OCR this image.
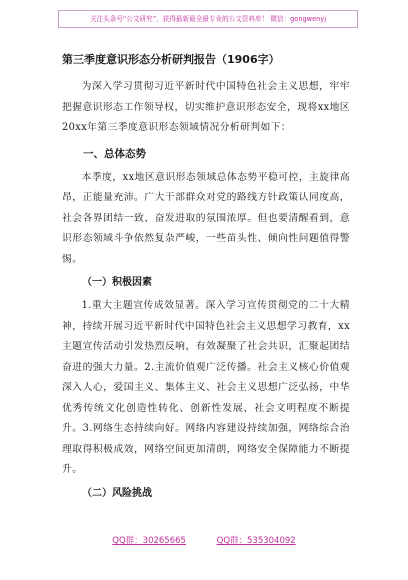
关注头条号“公文研究”，获得最新最全最专业的公文资料库！ 微信：gongwenyj
第三季度意识形态分析研判报告（1906字）

为深入学习贯彻习近平新时代中国特色社会主义思想，牢牢把握意识形态工作领导权，切实维护意识形态安全，现将xx地区20xx年第三季度意识形态领域情况分析研判如下：

一、总体态势

本季度，xx地区意识形态领域总体态势平稳可控，主旋律高昂，正能量充沛。广大干部群众对党的路线方针政策认同度高，社会各界团结一致、奋发进取的氛围浓厚。但也要清醒看到，意识形态领域斗争依然复杂严峻，一些苗头性、倾向性问题值得警惕。

（一）积极因素

1.重大主题宣传成效显著。深入学习宣传贯彻党的二十大精神，持续开展习近平新时代中国特色社会主义思想学习教育，xx主题宣传活动引发热烈反响，有效凝聚了社会共识，汇聚起团结奋进的强大力量。2.主流价值观广泛传播。社会主义核心价值观深入人心，爱国主义、集体主义、社会主义思想广泛弘扬，中华优秀传统文化创造性转化、创新性发展，社会文明程度不断提升。3.网络生态持续向好。网络内容建设持续加强，网络综合治理取得积极成效，网络空间更加清朗，网络安全保障能力不断提升。

（二）风险挑战
QQ群：30265665	QQ群：535304092
